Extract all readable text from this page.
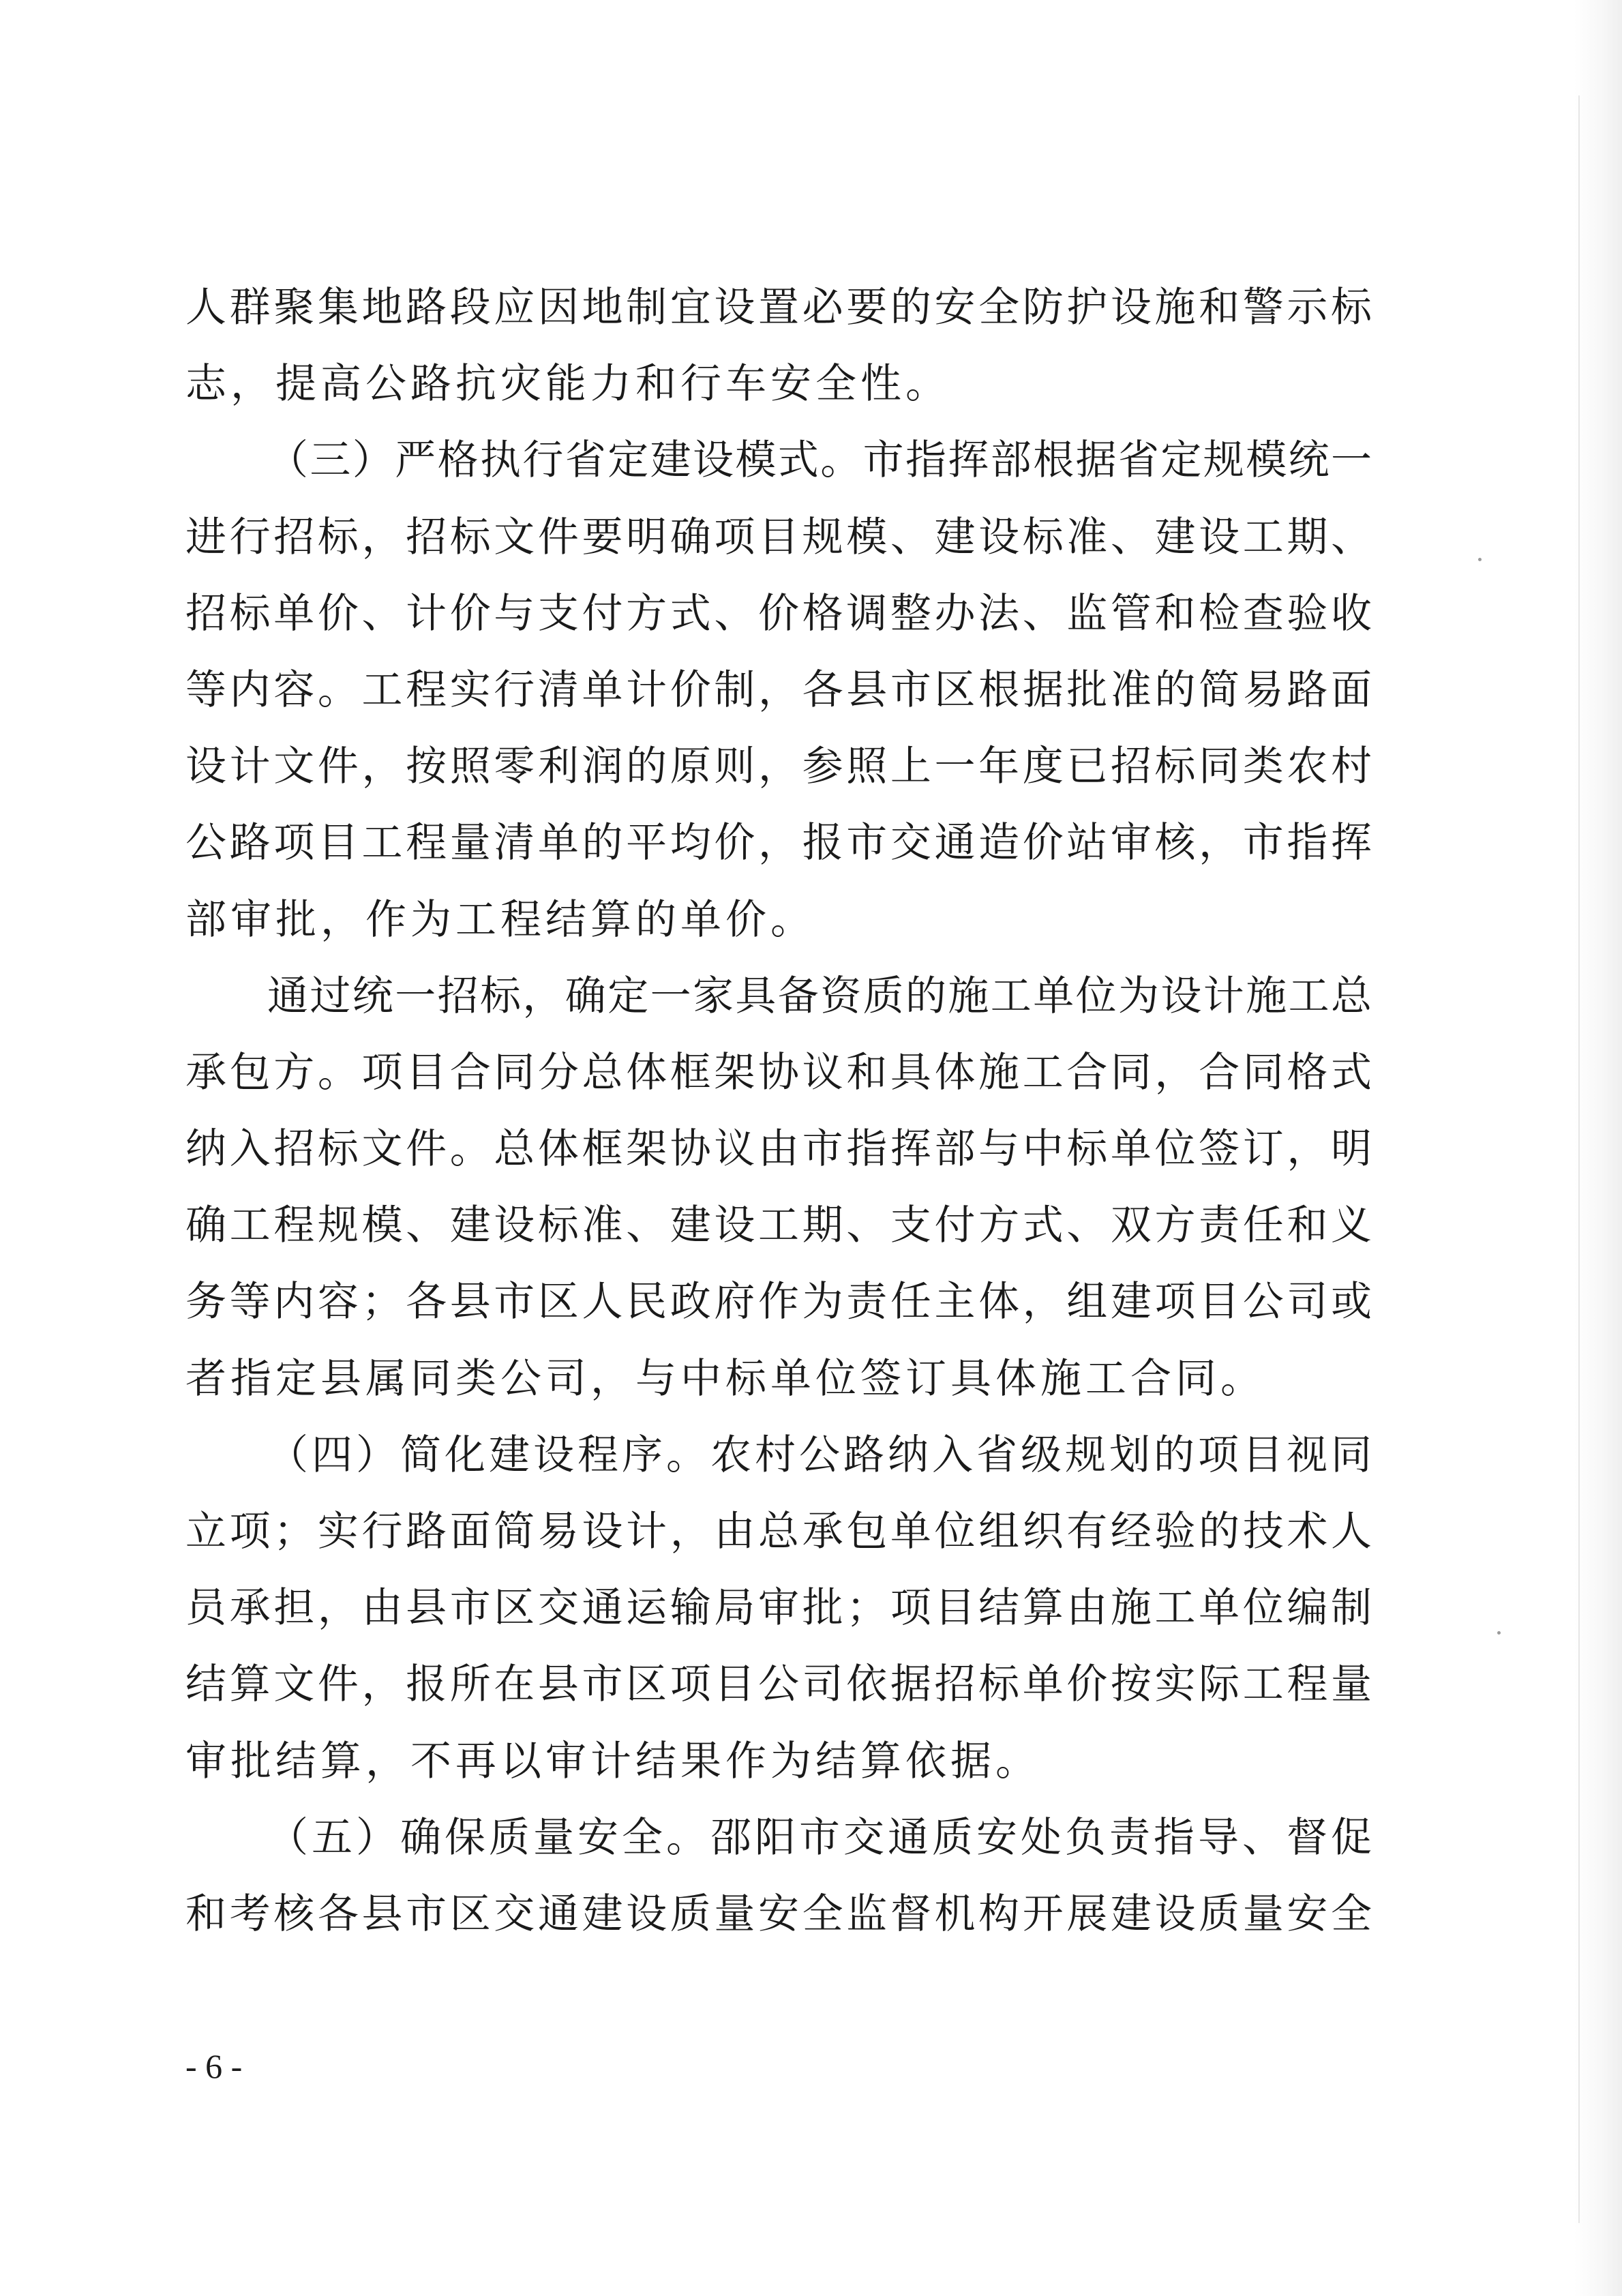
人群聚集地路段应因地制宜设置必要的安全防护设施和警示标
志，提高公路抗灾能力和行车安全性。
（三）严格执行省定建设模式。市指挥部根据省定规模统一
进行招标，招标文件要明确项目规模、建设标准、建设工期、
招标单价、计价与支付方式、价格调整办法、监管和检查验收
等内容。工程实行清单计价制，各县市区根据批准的简易路面
设计文件，按照零利润的原则，参照上一年度已招标同类农村
公路项目工程量清单的平均价，报市交通造价站审核，市指挥
部审批，作为工程结算的单价。
通过统一招标，确定一家具备资质的施工单位为设计施工总
承包方。项目合同分总体框架协议和具体施工合同，合同格式
纳入招标文件。总体框架协议由市指挥部与中标单位签订，明
确工程规模、建设标准、建设工期、支付方式、双方责任和义
务等内容；各县市区人民政府作为责任主体，组建项目公司或
者指定县属同类公司，与中标单位签订具体施工合同。
（四）简化建设程序。农村公路纳入省级规划的项目视同
立项；实行路面简易设计，由总承包单位组织有经验的技术人
员承担，由县市区交通运输局审批；项目结算由施工单位编制
结算文件，报所在县市区项目公司依据招标单价按实际工程量
审批结算，不再以审计结果作为结算依据。
（五）确保质量安全。邵阳市交通质安处负责指导、督促
和考核各县市区交通建设质量安全监督机构开展建设质量安全
- 6 -
